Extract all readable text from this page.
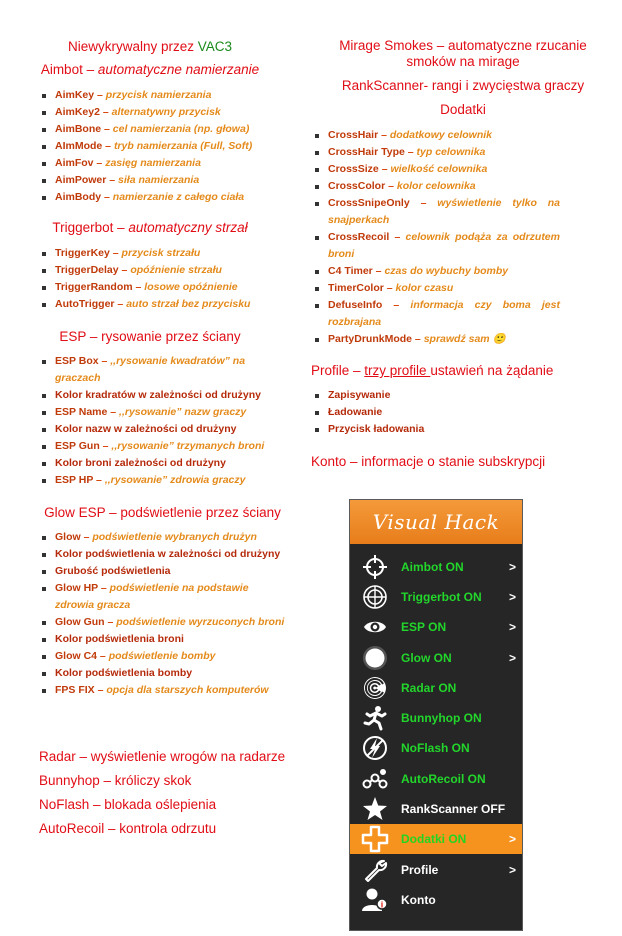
Niewykrywalny przez VAC3
Aimbot – automatyczne namierzanie
AimKey – przycisk namierzania
AimKey2 – alternatywny przycisk
AimBone – cel namierzania (np. głowa)
AImMode – tryb namierzania (Full, Soft)
AimFov – zasięg namierzania
AimPower – siła namierzania
AimBody – namierzanie z całego ciała
Triggerbot – automatyczny strzał
TriggerKey – przycisk strzału
TriggerDelay – opóźnienie strzału
TriggerRandom – losowe opóźnienie
AutoTrigger – auto strzał bez przycisku
ESP – rysowanie przez ściany
ESP Box – ,,rysowanie kwadratów” na graczach
Kolor kradratów w zależności od drużyny
ESP Name – ,,rysowanie” nazw graczy
Kolor nazw w zależności od drużyny
ESP Gun – ,,rysowanie” trzymanych broni
Kolor broni zależności od drużyny
ESP HP – ,,rysowanie” zdrowia graczy
Glow ESP – podświetlenie przez ściany
Glow – podświetlenie wybranych drużyn
Kolor podświetlenia w zależności od drużyny
Grubość podświetlenia
Glow HP – podświetlenie na podstawie zdrowia gracza
Glow Gun – podświetlenie wyrzuconych broni
Kolor podświetlenia broni
Glow C4 – podświetlenie bomby
Kolor podświetlenia bomby
FPS FIX – opcja dla starszych komputerów
Radar – wyświetlenie wrogów na radarze
Bunnyhop – króliczy skok
NoFlash – blokada oślepienia
AutoRecoil – kontrola odrzutu
Mirage Smokes – automatyczne rzucanie
smoków na mirage
RankScanner- rangi i zwycięstwa graczy
Dodatki
CrossHair – dodatkowy celownik
CrossHair Type – typ celownika
CrossSize – wielkość celownika
CrossColor – kolor celownika
CrossSnipeOnly – wyświetlenie tylko na snajperkach
CrossRecoil – celownik podąża za odrzutem broni
C4 Timer – czas do wybuchy bomby
TimerColor – kolor czasu
DefuseInfo – informacja czy boma jest rozbrajana
PartyDrunkMode – sprawdź sam 🙂
Profile – trzy profile ustawień na żądanie
Zapisywanie
Ładowanie
Przycisk ładowania
Konto – informacje o stanie subskrypcji
Visual Hack
Aimbot ON	>
Triggerbot ON >
ESP ON	>
Glow ON	>
Radar ON
Bunnyhop ON
NoFlash ON
AutoRecoil ON
RankScanner OFF
Dodatki ON	>
Profile	>
i Konto
